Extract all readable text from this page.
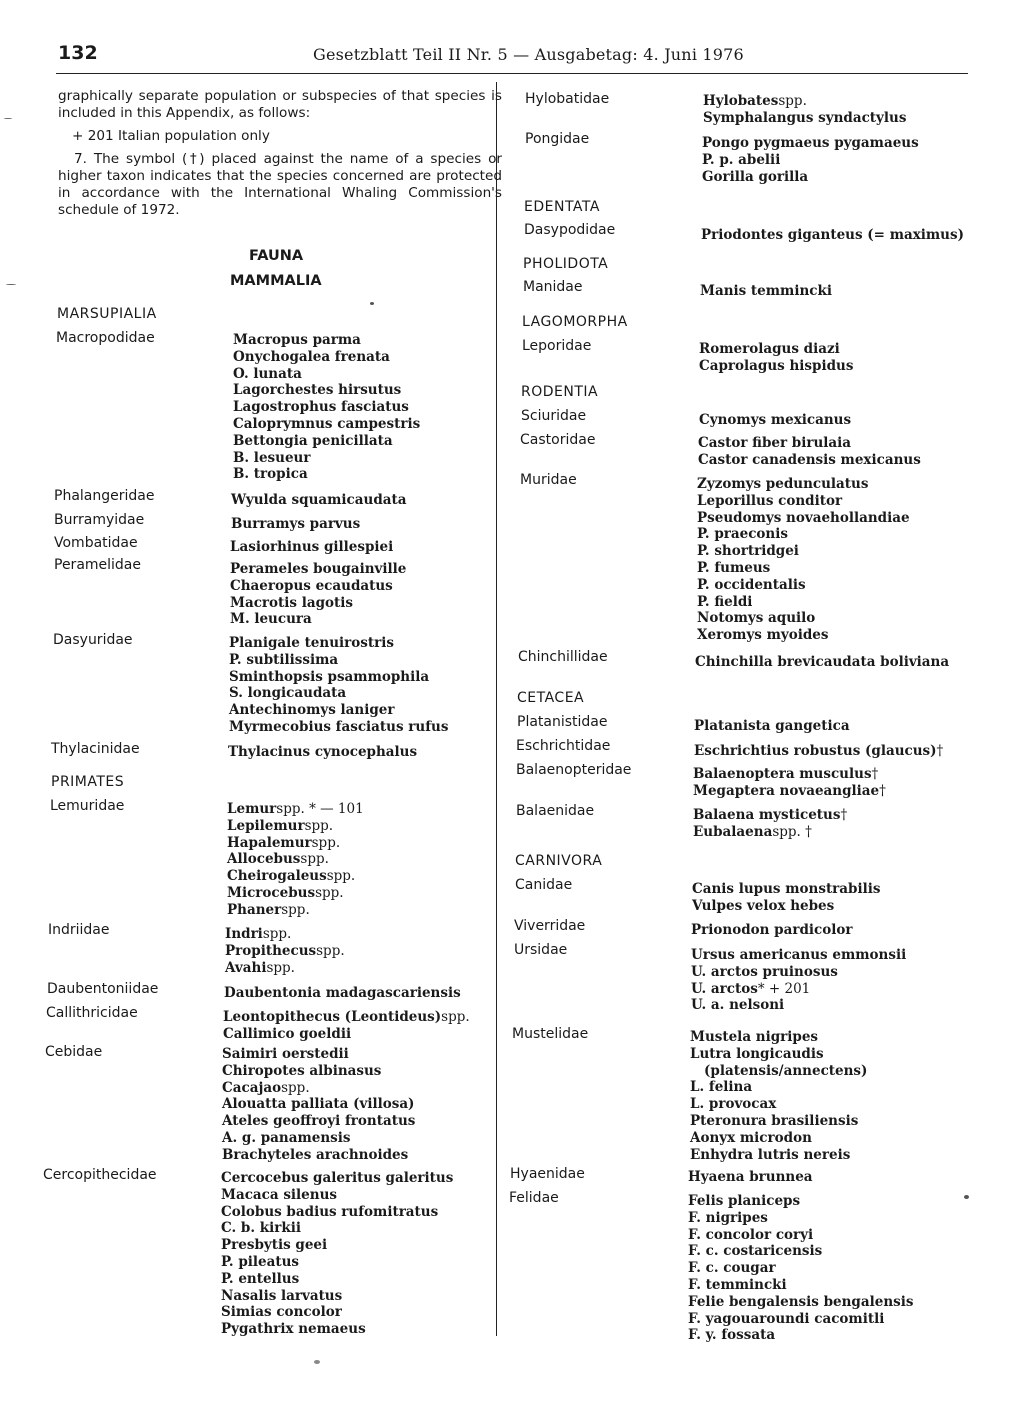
132	Gesetzblatt Teil II Nr. 5 — Ausgabetag: 4. Juni 1976

graphically separate population or subspecies of that species is included in this Appendix, as follows:

+ 201 Italian population only

7. The symbol (†) placed against the name of a species or higher taxon indicates that the species concerned are protected in accordance with the International Whaling Commission's schedule of 1972.

FAUNA
MAMMALIA
MARSUPIALIA
Macropodidae	Macropus parma
Onychogalea frenata
O. lunata
Lagorchestes hirsutus
Lagostrophus fasciatus
Caloprymnus campestris
Bettongia penicillata
B. lesueur
B. tropica
Phalangeridae	Wyulda squamicaudata
Burramyidae	Burramys parvus
Vombatidae	Lasiorhinus gillespiei
Peramelidae	Perameles bougainville
Chaeropus ecaudatus
Macrotis lagotis
M. leucura
Dasyuridae	Planigale tenuirostris
P. subtilissima
Sminthopsis psammophila
S. longicaudata
Antechinomys laniger
Myrmecobius fasciatus rufus
Thylacinidae	Thylacinus cynocephalus
PRIMATES
Lemuridae	Lemurspp. * — 101
Lepilemurspp.
Hapalemurspp.
Allocebusspp.
Cheirogaleusspp.
Microcebusspp.
Phanerspp.
Indriidae	Indrispp.
Propithecusspp.
Avahispp.
Daubentoniidae	Daubentonia madagascariensis
Callithricidae	Leontopithecus (Leontideus)spp.
Callimico goeldii
Cebidae	Saimiri oerstedii
Chiropotes albinasus
Cacajaospp.
Alouatta palliata (villosa)
Ateles geoffroyi frontatus
A. g. panamensis
Brachyteles arachnoides
Cercopithecidae	Cercocebus galeritus galeritus
Macaca silenus
Colobus badius rufomitratus
C. b. kirkii
Presbytis geei
P. pileatus
P. entellus
Nasalis larvatus
Simias concolor
Pygathrix nemaeus
Hylobatidae	Hylobatesspp.
Symphalangus syndactylus
Pongidae	Pongo pygmaeus pygamaeus
P. p. abelii
Gorilla gorilla
EDENTATA
Dasypodidae	Priodontes giganteus (= maximus)
PHOLIDOTA
Manidae	Manis temmincki
LAGOMORPHA
Leporidae	Romerolagus diazi
Caprolagus hispidus
RODENTIA
Sciuridae	Cynomys mexicanus
Castoridae	Castor fiber birulaia
Castor canadensis mexicanus
Muridae	Zyzomys pedunculatus
Leporillus conditor
Pseudomys novaehollandiae
P. praeconis
P. shortridgei
P. fumeus
P. occidentalis
P. fieldi
Notomys aquilo
Xeromys myoides
Chinchillidae	Chinchilla brevicaudata boliviana
CETACEA
Platanistidae	Platanista gangetica
Eschrichtidae	Eschrichtius robustus (glaucus)†
Balaenopteridae	Balaenoptera musculus†
Megaptera novaeangliae†
Balaenidae	Balaena mysticetus†
Eubalaenaspp. †
CARNIVORA
Canidae	Canis lupus monstrabilis
Vulpes velox hebes
Viverridae	Prionodon pardicolor
Ursidae	Ursus americanus emmonsii
U. arctos pruinosus
U. arctos* + 201
U. a. nelsoni
Mustelidae	Mustela nigripes
Lutra longicaudis
(platensis/annectens)
L. felina
L. provocax
Pteronura brasiliensis
Aonyx microdon
Enhydra lutris nereis
Hyaenidae	Hyaena brunnea
Felidae	Felis planiceps
F. nigripes
F. concolor coryi
F. c. costaricensis
F. c. cougar
F. temmincki
Felie bengalensis bengalensis
F. yagouaroundi cacomitli
F. y. fossata
